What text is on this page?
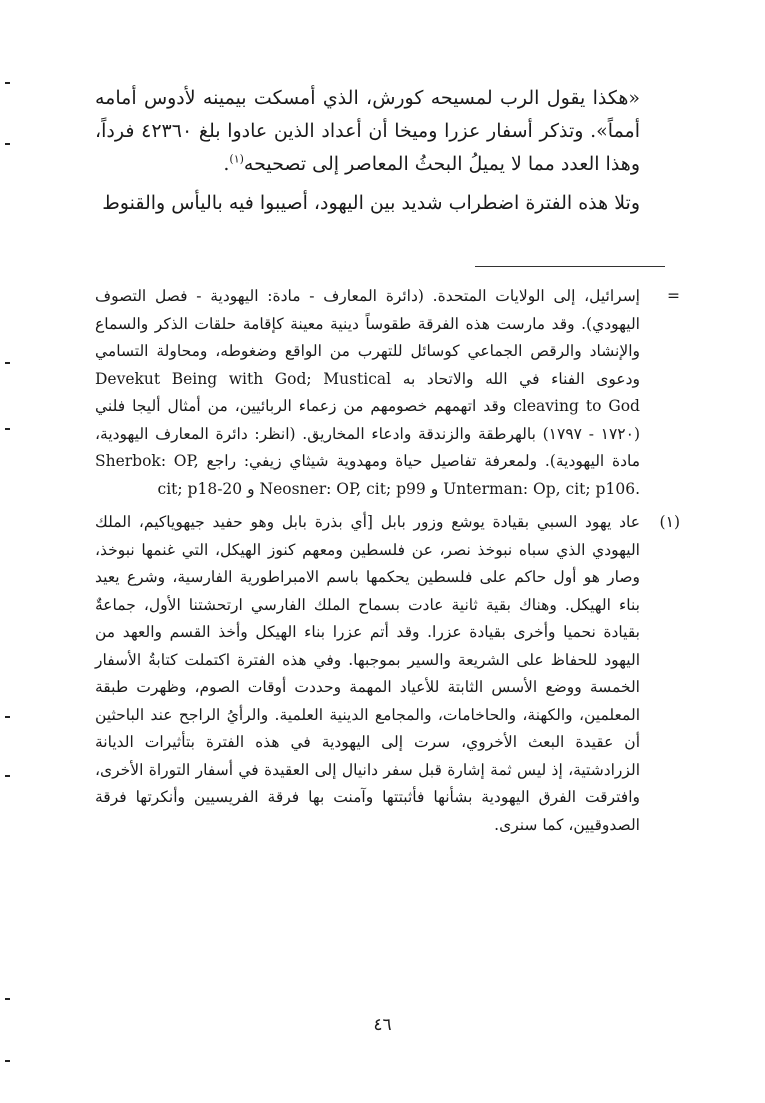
«هكذا يقول الرب لمسيحه كورش، الذي أمسكت بيمينه لأدوس أمامه أمماً». وتذكر أسفار عزرا وميخا أن أعداد الذين عادوا بلغ ٤٢٣٦٠ فرداً، وهذا العدد مما لا يميلُ البحثُ المعاصر إلى تصحيحه$^{(١)}$.

وتلا هذه الفترة اضطراب شديد بين اليهود، أصيبوا فيه باليأس والقنوط

=
إسرائيل، إلى الولايات المتحدة. (دائرة المعارف - مادة: اليهودية - فصل التصوف اليهودي). وقد مارست هذه الفرقة طقوساً دينية معينة كإقامة حلقات الذكر والسماع والإنشاد والرقص الجماعي كوسائل للتهرب من الواقع وضغوطه، ومحاولة التسامي ودعوى الفناء في الله والاتحاد به Devekut Being with God; Mustical cleaving to God وقد اتهمهم خصومهم من زعماء الربائيين، من أمثال أليجا فلني (١٧٢٠ - ١٧٩٧) بالهرطقة والزندقة وادعاء المخاريق. (انظر: دائرة المعارف اليهودية، مادة اليهودية). ولمعرفة تفاصيل حياة ومهدوية شيثاي زيفي: راجع Sherbok: OP, cit; p18-20 و Neosner: OP, cit; p99 و Unterman: Op, cit; p106.
(١)
عاد يهود السبي بقيادة يوشع وزور بابل [أي بذرة بابل وهو حفيد جيهوياكيم، الملك اليهودي الذي سباه نبوخذ نصر، عن فلسطين ومعهم كنوز الهيكل، التي غنمها نبوخذ، وصار هو أول حاكم على فلسطين يحكمها باسم الامبراطورية الفارسية، وشرع يعيد بناء الهيكل. وهناك بقية ثانية عادت بسماح الملك الفارسي ارتحشتنا الأول، جماعةٌ بقيادة نحميا وأخرى بقيادة عزرا. وقد أتم عزرا بناء الهيكل وأخذ القسم والعهد من اليهود للحفاظ على الشريعة والسير بموجبها. وفي هذه الفترة اكتملت كتابةُ الأسفار الخمسة ووضع الأسس الثابتة للأعياد المهمة وحددت أوقات الصوم، وظهرت طبقة المعلمين، والكهنة، والحاخامات، والمجامع الدينية العلمية. والرأيُ الراجح عند الباحثين أن عقيدة البعث الأخروي، سرت إلى اليهودية في هذه الفترة بتأثيرات الديانة الزرادشتية، إذ ليس ثمة إشارة قبل سفر دانيال إلى العقيدة في أسفار التوراة الأخرى، وافترقت الفرق اليهودية بشأنها فأثبتتها وآمنت بها فرقة الفريسيين وأنكرتها فرقة الصدوقيين، كما سنرى.
٤٦
